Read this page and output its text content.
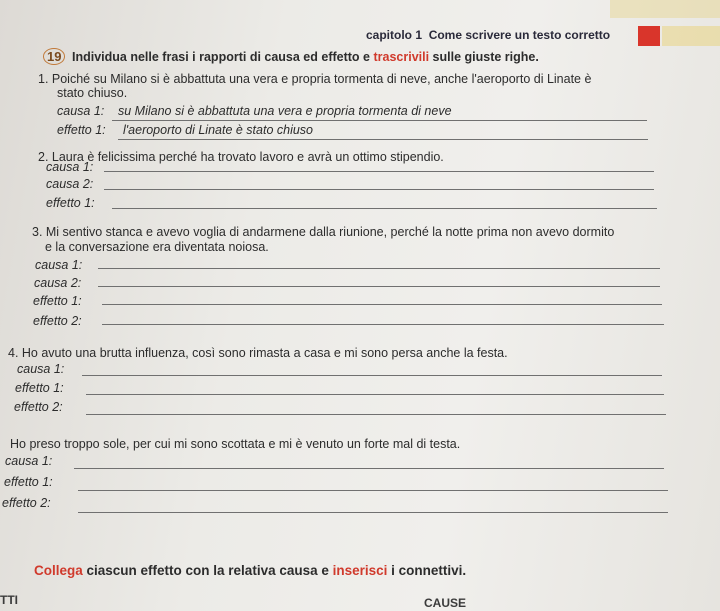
capitolo 1 Come scrivere un testo corretto
19 Individua nelle frasi i rapporti di causa ed effetto e trascrivili sulle giuste righe.
1. Poiché su Milano si è abbattuta una vera e propria tormenta di neve, anche l'aeroporto di Linate è
stato chiuso.
causa 1: su Milano si è abbattuta una vera e propria tormenta di neve
effetto 1: l'aeroporto di Linate è stato chiuso
2. Laura è felicissima perché ha trovato lavoro e avrà un ottimo stipendio.
causa 1:
causa 2:
effetto 1:
3. Mi sentivo stanca e avevo voglia di andarmene dalla riunione, perché la notte prima non avevo dormito
e la conversazione era diventata noiosa.
causa 1:
causa 2:
effetto 1:
effetto 2:
4. Ho avuto una brutta influenza, così sono rimasta a casa e mi sono persa anche la festa.
causa 1:
effetto 1:
effetto 2:
Ho preso troppo sole, per cui mi sono scottata e mi è venuto un forte mal di testa.
causa 1:
effetto 1:
effetto 2:
Collega ciascun effetto con la relativa causa e inserisci i connettivi.
TTI	CAUSE
